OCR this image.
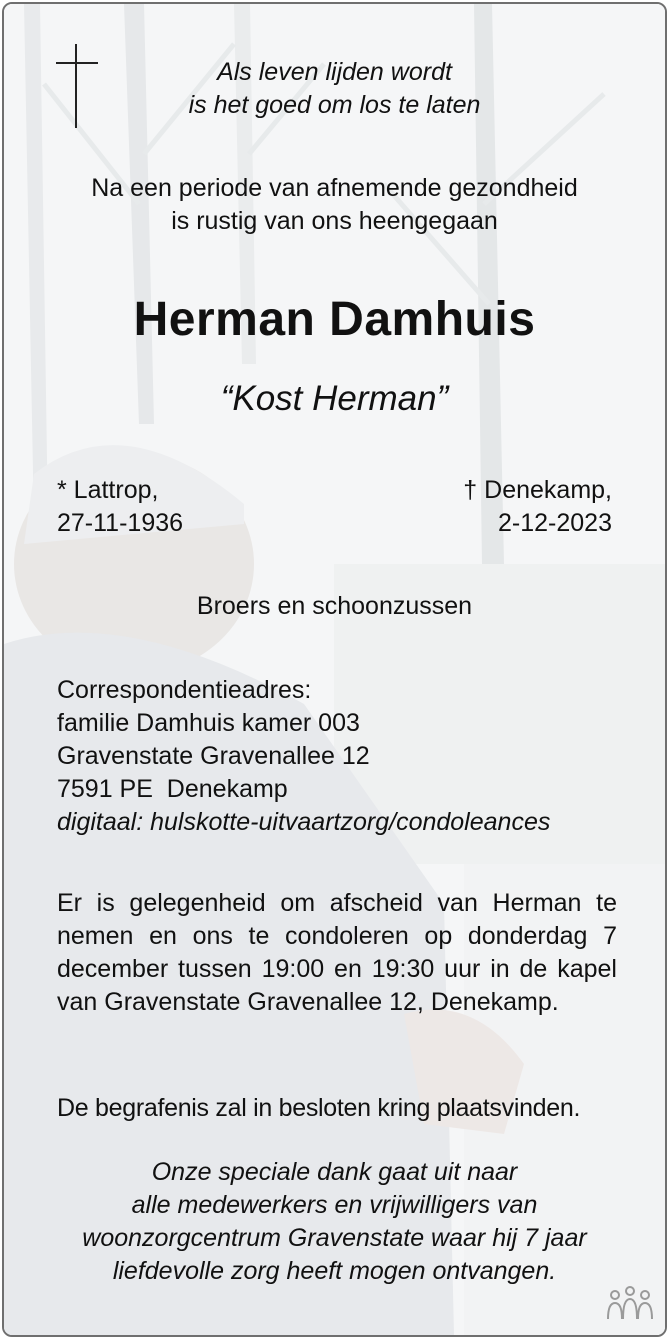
Als leven lijden wordt
is het goed om los te laten
Na een periode van afnemende gezondheid
is rustig van ons heengegaan
Herman Damhuis
“Kost Herman”
* Lattrop,
27-11-1936
† Denekamp,
2-12-2023
Broers en schoonzussen
Correspondentieadres:
familie Damhuis kamer 003
Gravenstate Gravenallee 12
7591 PE  Denekamp
digitaal: hulskotte-uitvaartzorg/condoleances
Er is gelegenheid om afscheid van Herman te nemen en ons te condoleren op donderdag 7 december tussen 19:00 en 19:30 uur in de kapel van Gravenstate Gravenallee 12, Denekamp.
De begrafenis zal in besloten kring plaatsvinden.
Onze speciale dank gaat uit naar
alle medewerkers en vrijwilligers van
woonzorgcentrum Gravenstate waar hij 7 jaar
liefdevolle zorg heeft mogen ontvangen.
